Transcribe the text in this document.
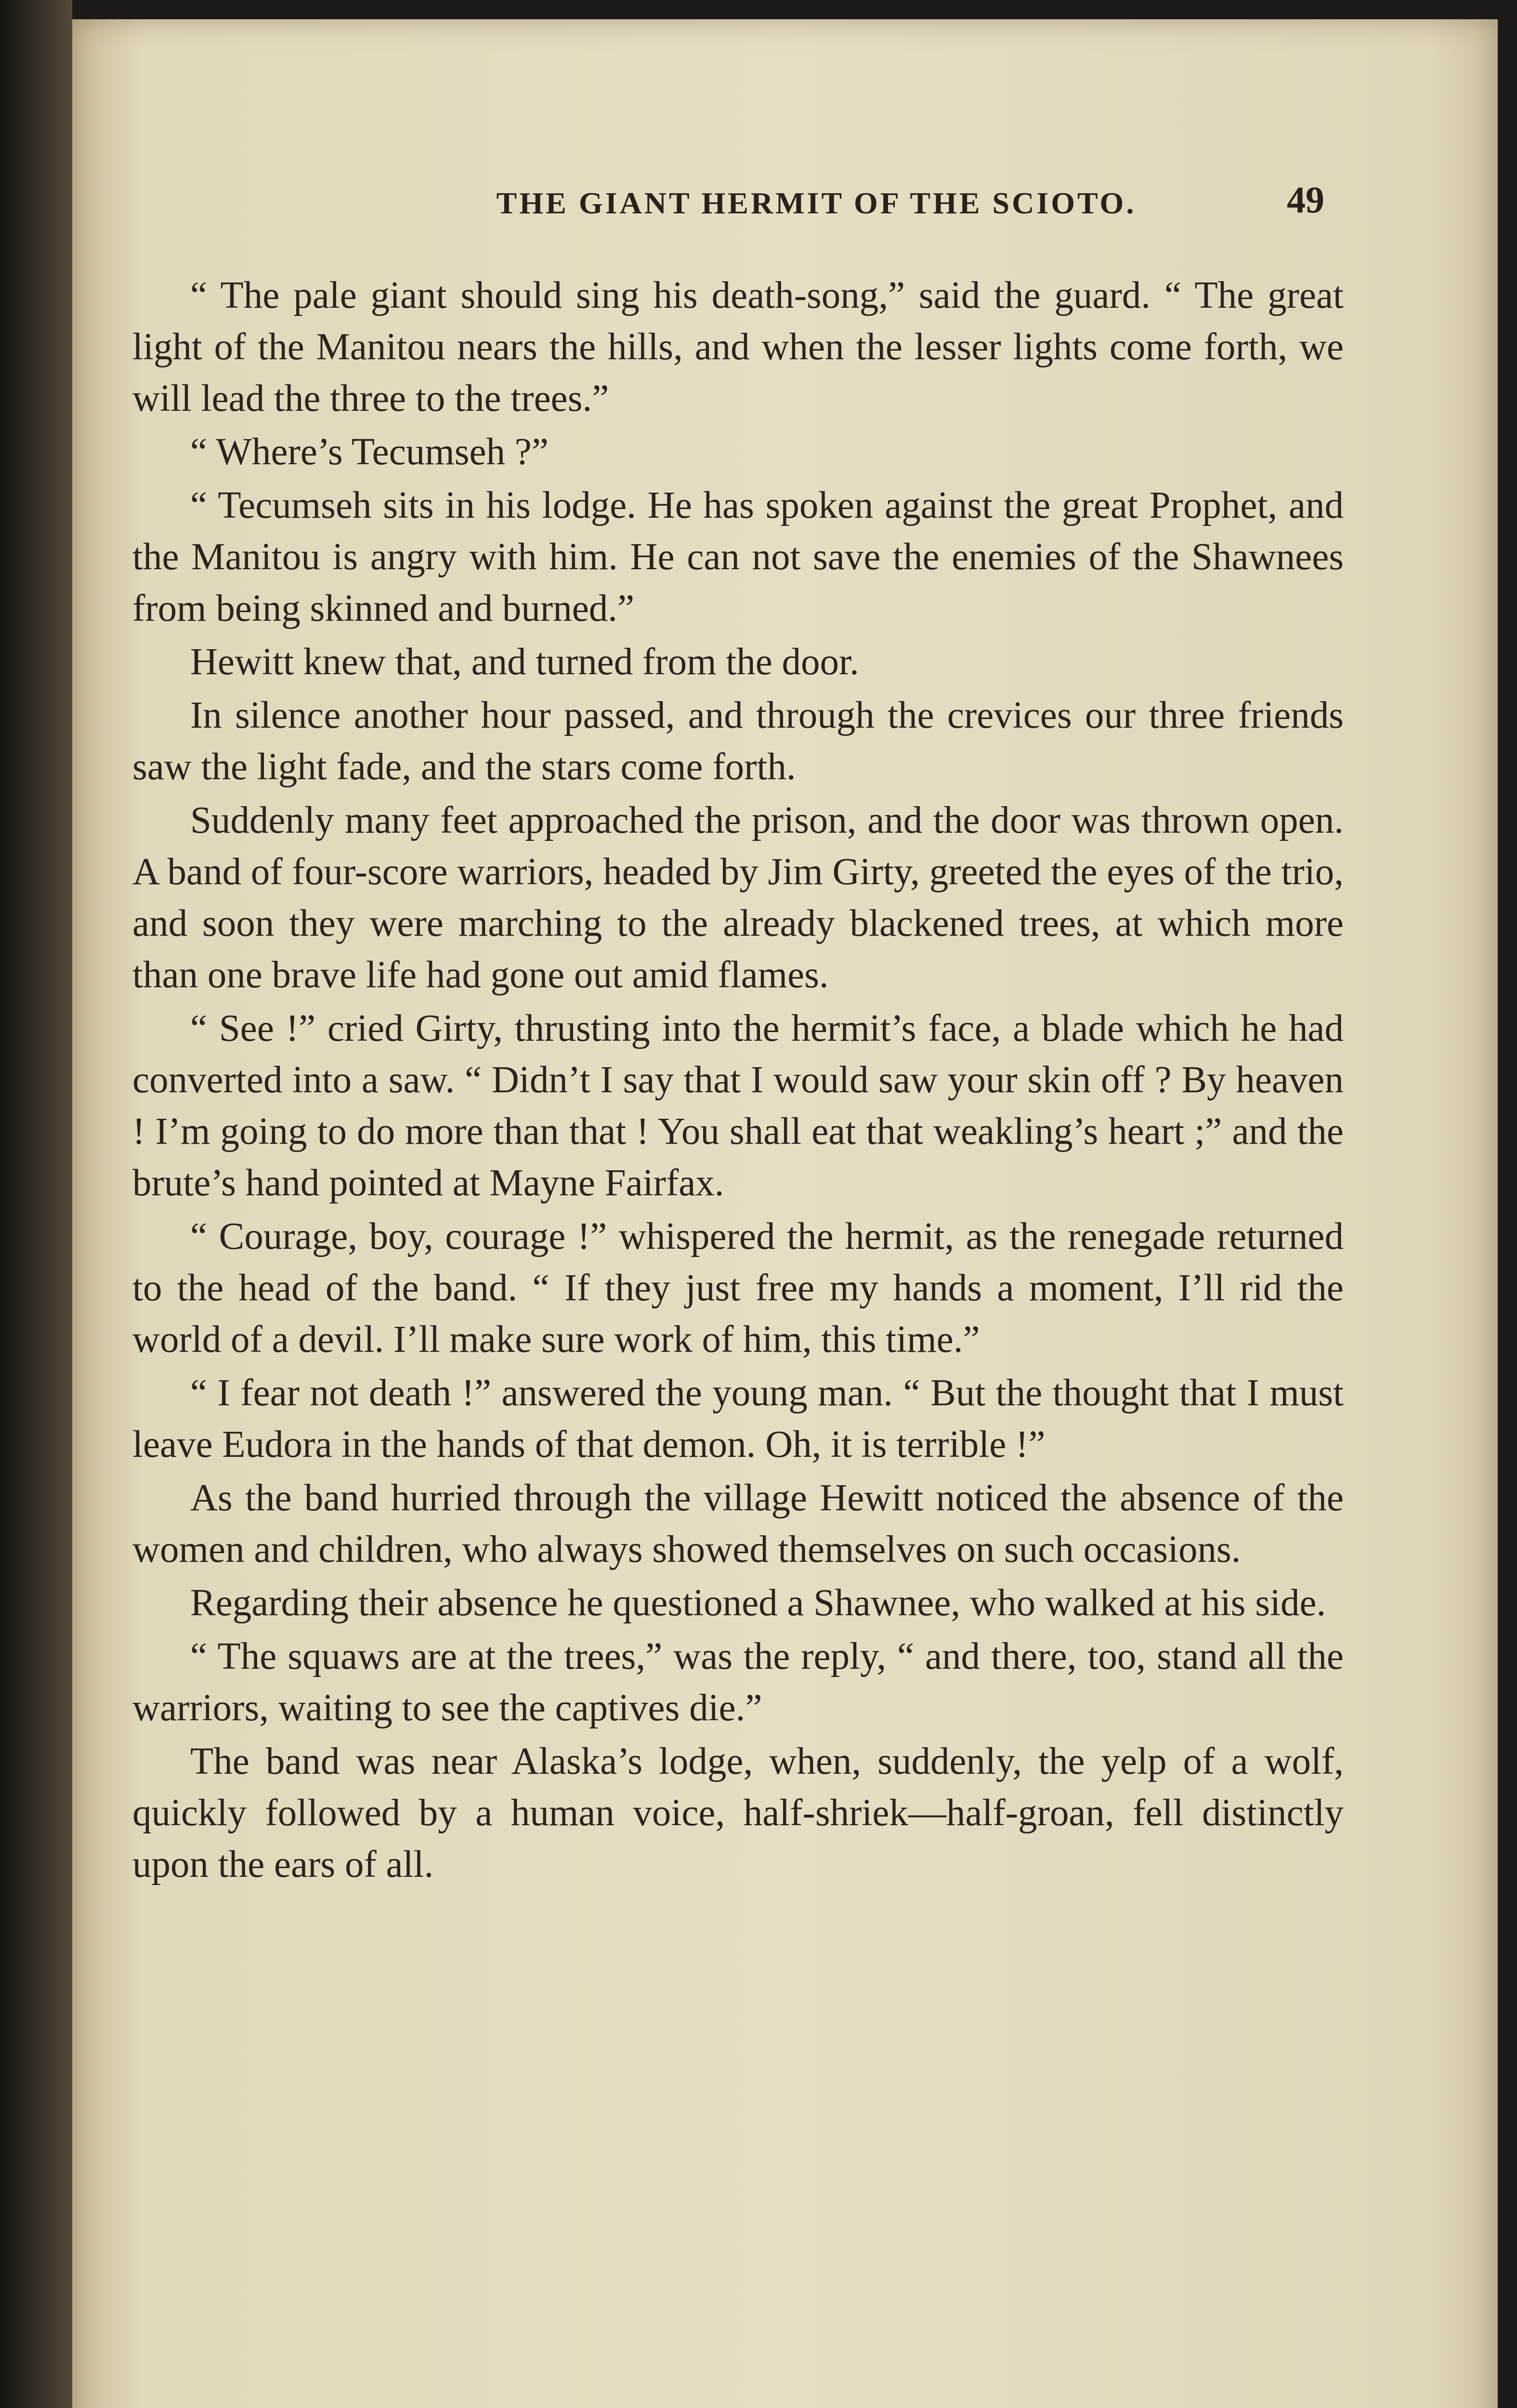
THE GIANT HERMIT OF THE SCIOTO.	49

“ The pale giant should sing his death-song,” said the guard. “ The great light of the Manitou nears the hills, and when the lesser lights come forth, we will lead the three to the trees.”

“ Where’s Tecumseh ?”

“ Tecumseh sits in his lodge. He has spoken against the great Prophet, and the Manitou is angry with him. He can not save the enemies of the Shawnees from being skinned and burned.”

Hewitt knew that, and turned from the door.

In silence another hour passed, and through the crevices our three friends saw the light fade, and the stars come forth.

Suddenly many feet approached the prison, and the door was thrown open. A band of four-score warriors, headed by Jim Girty, greeted the eyes of the trio, and soon they were marching to the already blackened trees, at which more than one brave life had gone out amid flames.

“ See !” cried Girty, thrusting into the hermit’s face, a blade which he had converted into a saw. “ Didn’t I say that I would saw your skin off ? By heaven ! I’m going to do more than that ! You shall eat that weakling’s heart ;” and the brute’s hand pointed at Mayne Fairfax.

“ Courage, boy, courage !” whispered the hermit, as the renegade returned to the head of the band. “ If they just free my hands a moment, I’ll rid the world of a devil. I’ll make sure work of him, this time.”

“ I fear not death !” answered the young man. “ But the thought that I must leave Eudora in the hands of that demon. Oh, it is terrible !”

As the band hurried through the village Hewitt noticed the absence of the women and children, who always showed themselves on such occasions.

Regarding their absence he questioned a Shawnee, who walked at his side.

“ The squaws are at the trees,” was the reply, “ and there, too, stand all the warriors, waiting to see the captives die.”

The band was near Alaska’s lodge, when, suddenly, the yelp of a wolf, quickly followed by a human voice, half-shriek—half-groan, fell distinctly upon the ears of all.
